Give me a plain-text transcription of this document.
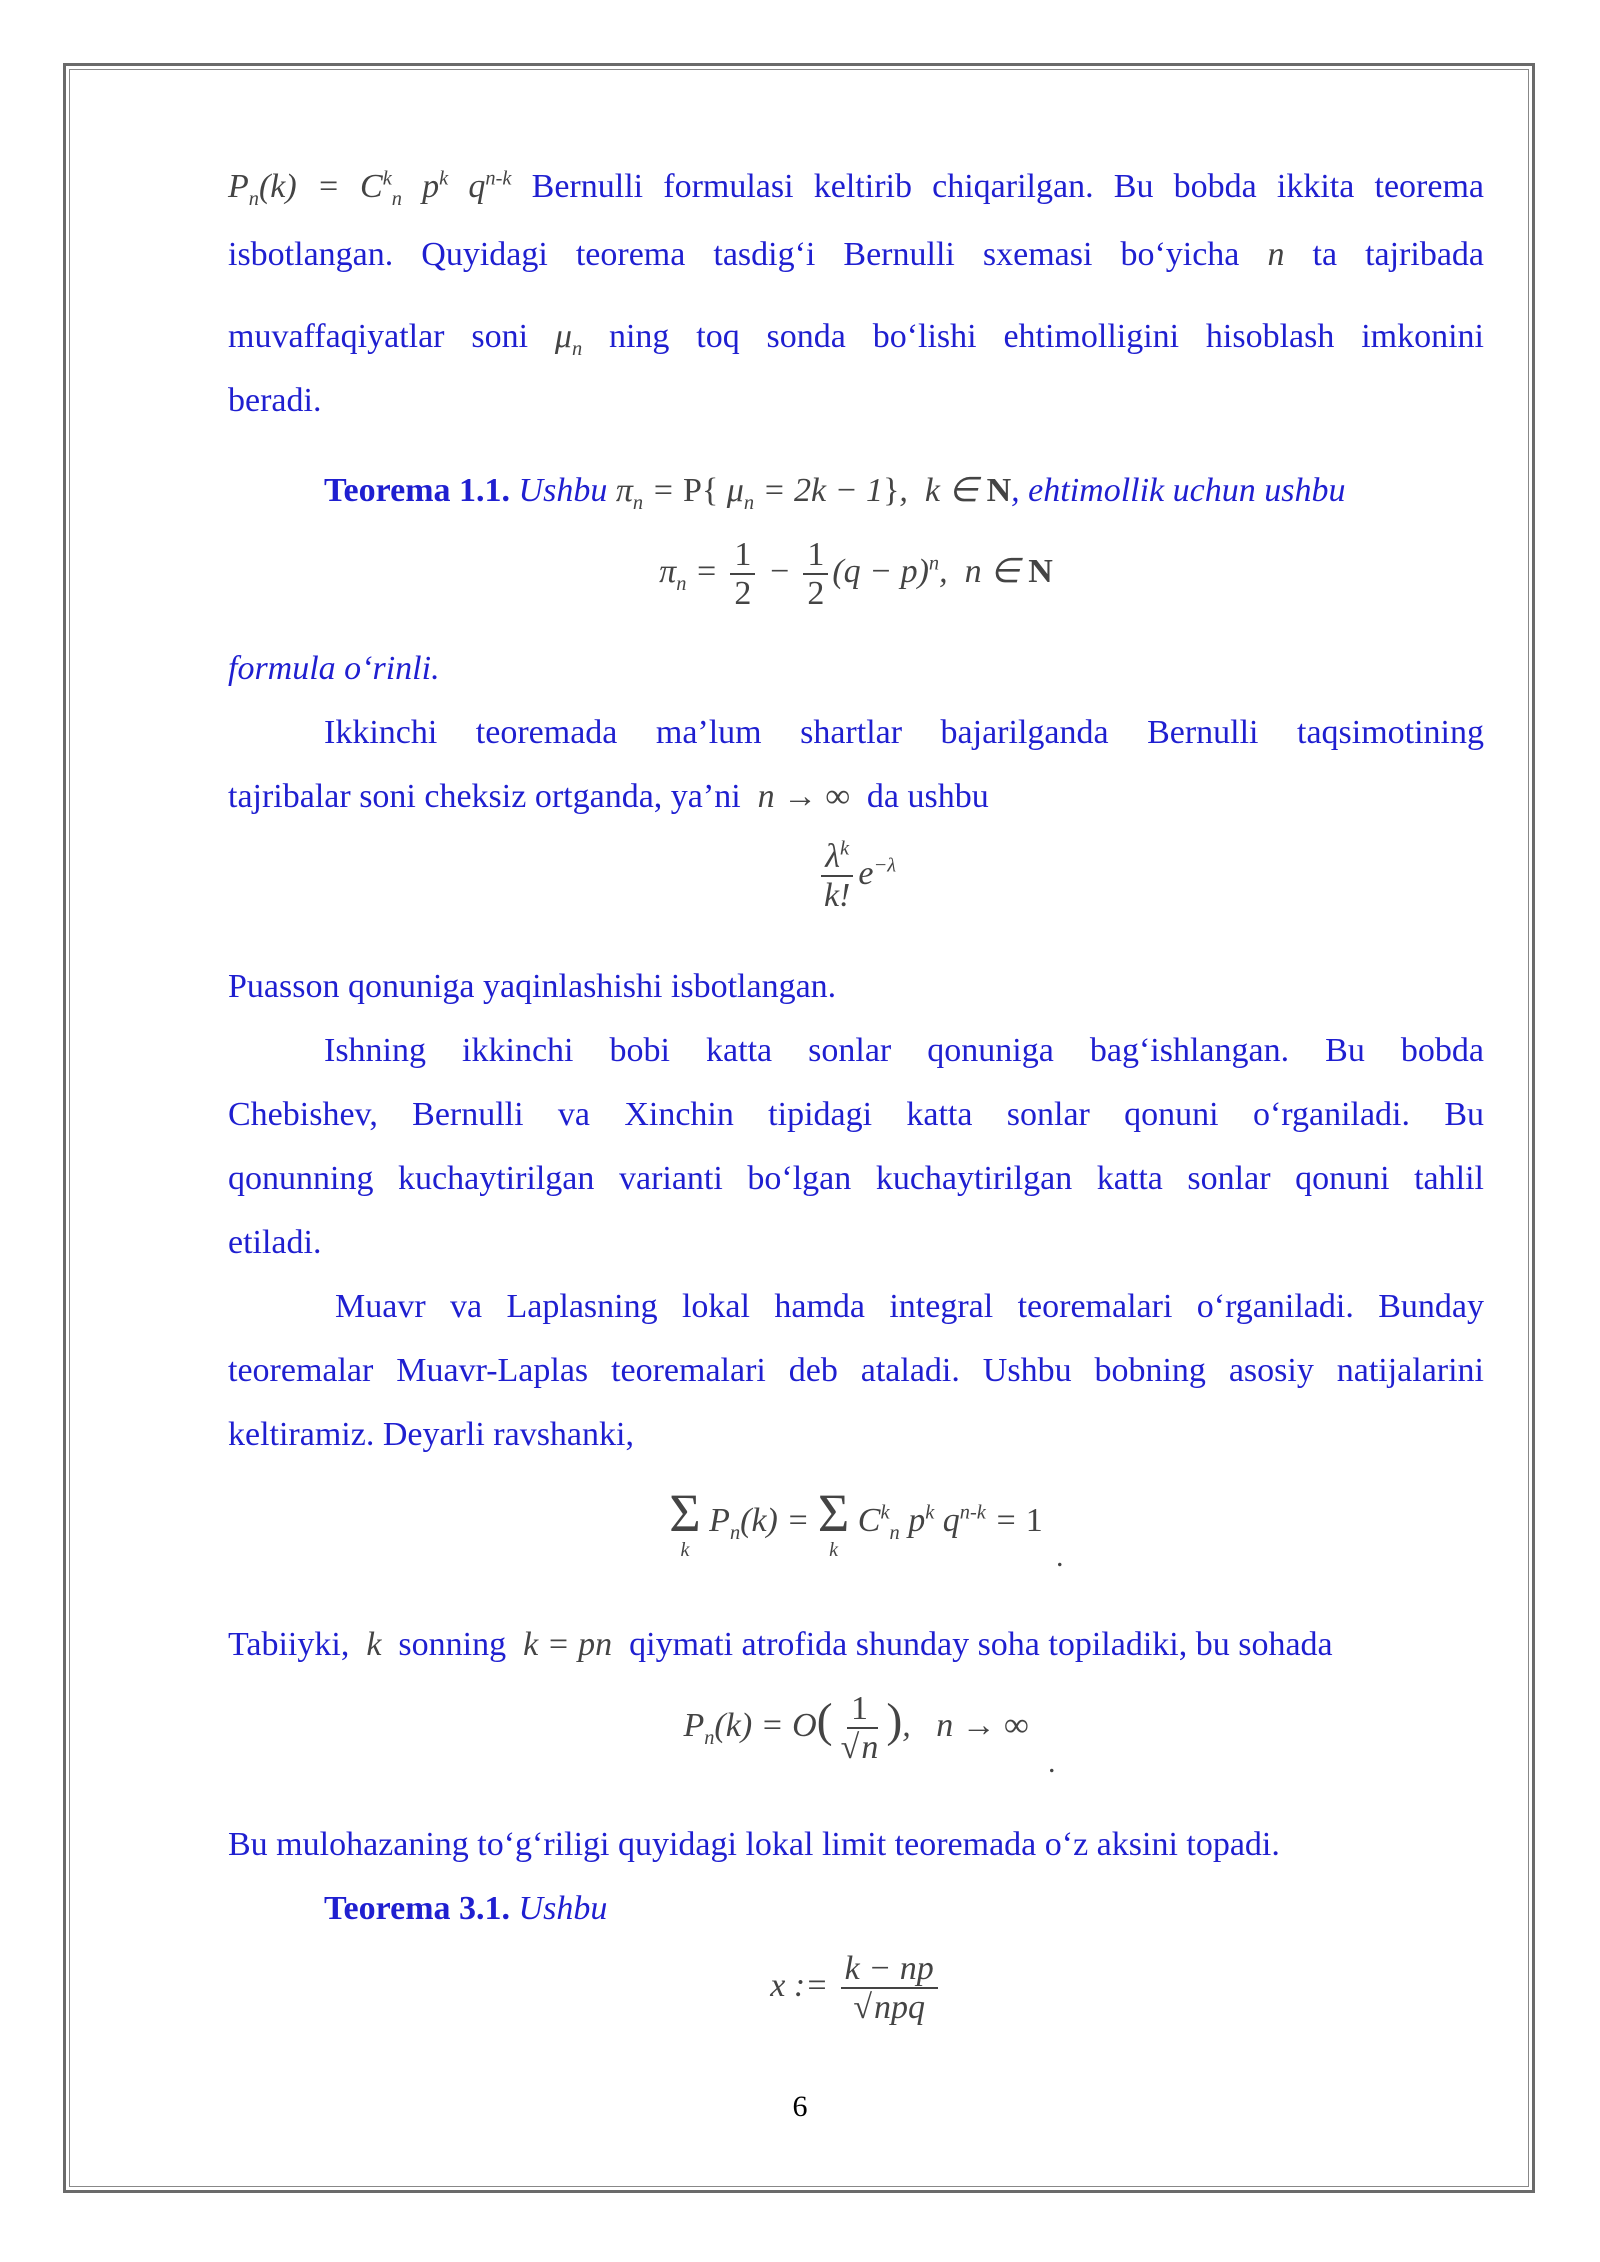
$P_n(k) = C^k_n$ $p^k$ $q^{n-k}$ Bernulli formulasi keltirib chiqarilgan. Bu bobda ikkita teorema
isbotlangan. Quyidagi teorema tasdig‘i Bernulli sxemasi bo‘yicha n ta tajribada
muvaffaqiyatlar soni $\mu_n$ ning toq sonda bo‘lishi ehtimolligini hisoblash imkonini
beradi.
Teorema 1.1. Ushbu $\pi_n = P${ $\mu_n = 2k - 1$},  k ∈ N, ehtimollik uchun ushbu
$\pi_n = \frac{1}{2} - \frac{1}{2} (q - p)^n$,  n ∈ N
formula o‘rinli.
Ikkinchi teoremada ma’lum shartlar bajarilganda Bernulli taqsimotining
tajribalar soni cheksiz ortganda, ya’ni  n → ∞  da ushbu
$\frac{\lambda^k}{k!} e^{-\lambda}$
Puasson qonuniga yaqinlashishi isbotlangan.
Ishning ikkinchi bobi katta sonlar qonuniga bag‘ishlangan. Bu bobda
Chebishev, Bernulli va Xinchin tipidagi katta sonlar qonuni o‘rganiladi. Bu
qonunning kuchaytirilgan varianti bo‘lgan kuchaytirilgan katta sonlar qonuni tahlil
etiladi.
Muavr va Laplasning lokal hamda integral teoremalari o‘rganiladi. Bunday
teoremalar Muavr-Laplas teoremalari deb ataladi. Ushbu bobning asosiy natijalarini
keltiramiz. Deyarli ravshanki,
Σ
k
$P_n(k) = \Sigma$
k
$C^k_n$ $p^k$ $q^{n-k} = 1$
.
Tabiiyki,  k  sonning  k = pn  qiymati atrofida shunday soha topiladiki, bu sohada
$P_n(k) = O( \frac{1}{√n}$ ),   n → ∞
.
Bu mulohazaning to‘g‘riligi quyidagi lokal limit teoremada o‘z aksini topadi.
Teorema 3.1. Ushbu
x := $\frac{k - np}{\text{√npq}}$
6
